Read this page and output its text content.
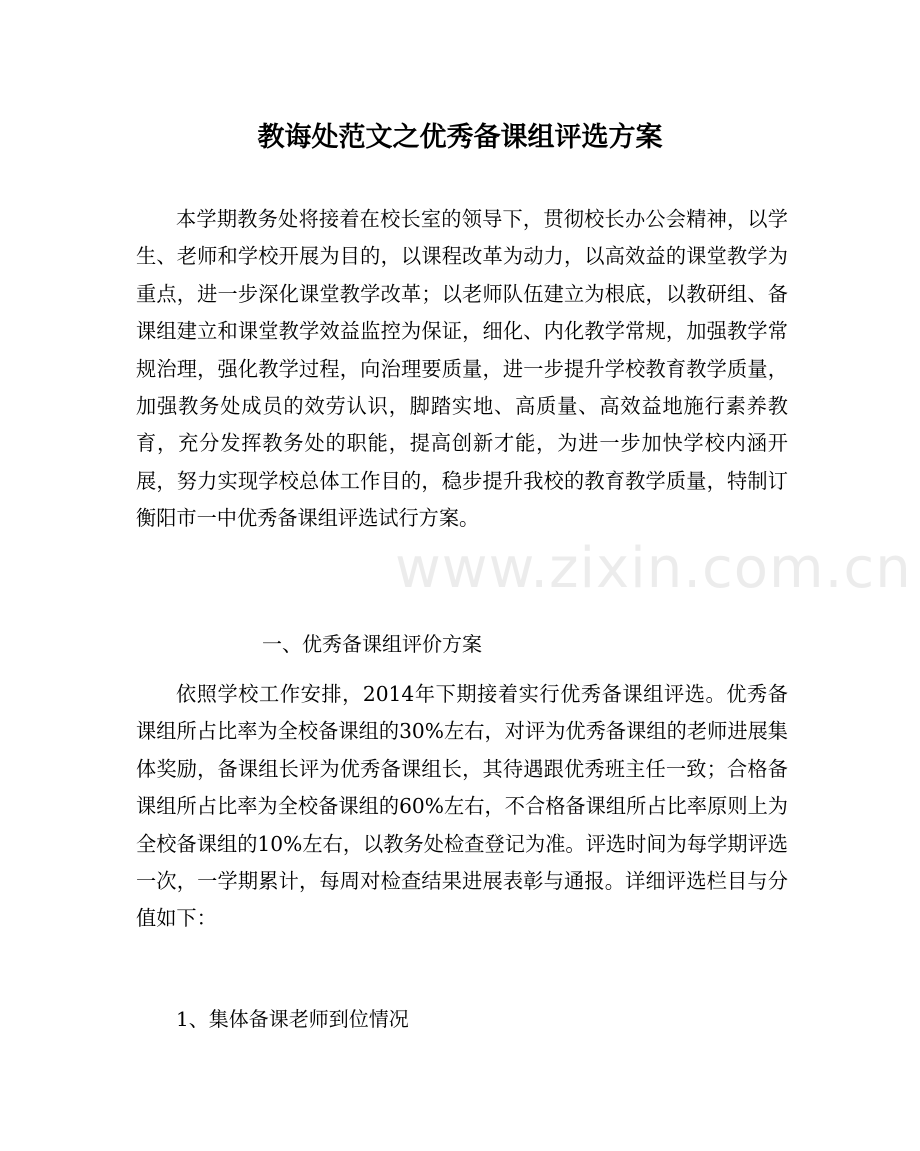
www.zixin.com.cn
教诲处范文之优秀备课组评选方案

本学期教务处将接着在校长室的领导下，贯彻校长办公会精神，以学生、老师和学校开展为目的，以课程改革为动力，以高效益的课堂教学为重点，进一步深化课堂教学改革；以老师队伍建立为根底，以教研组、备课组建立和课堂教学效益监控为保证，细化、内化教学常规，加强教学常规治理，强化教学过程，向治理要质量，进一步提升学校教育教学质量，加强教务处成员的效劳认识，脚踏实地、高质量、高效益地施行素养教育，充分发挥教务处的职能，提高创新才能，为进一步加快学校内涵开展，努力实现学校总体工作目的，稳步提升我校的教育教学质量，特制订衡阳市一中优秀备课组评选试行方案。

一、优秀备课组评价方案

依照学校工作安排，2014年下期接着实行优秀备课组评选。优秀备课组所占比率为全校备课组的30%左右，对评为优秀备课组的老师进展集体奖励，备课组长评为优秀备课组长，其待遇跟优秀班主任一致；合格备课组所占比率为全校备课组的60%左右，不合格备课组所占比率原则上为全校备课组的10%左右，以教务处检查登记为准。评选时间为每学期评选一次，一学期累计，每周对检查结果进展表彰与通报。详细评选栏目与分值如下：

1、集体备课老师到位情况
